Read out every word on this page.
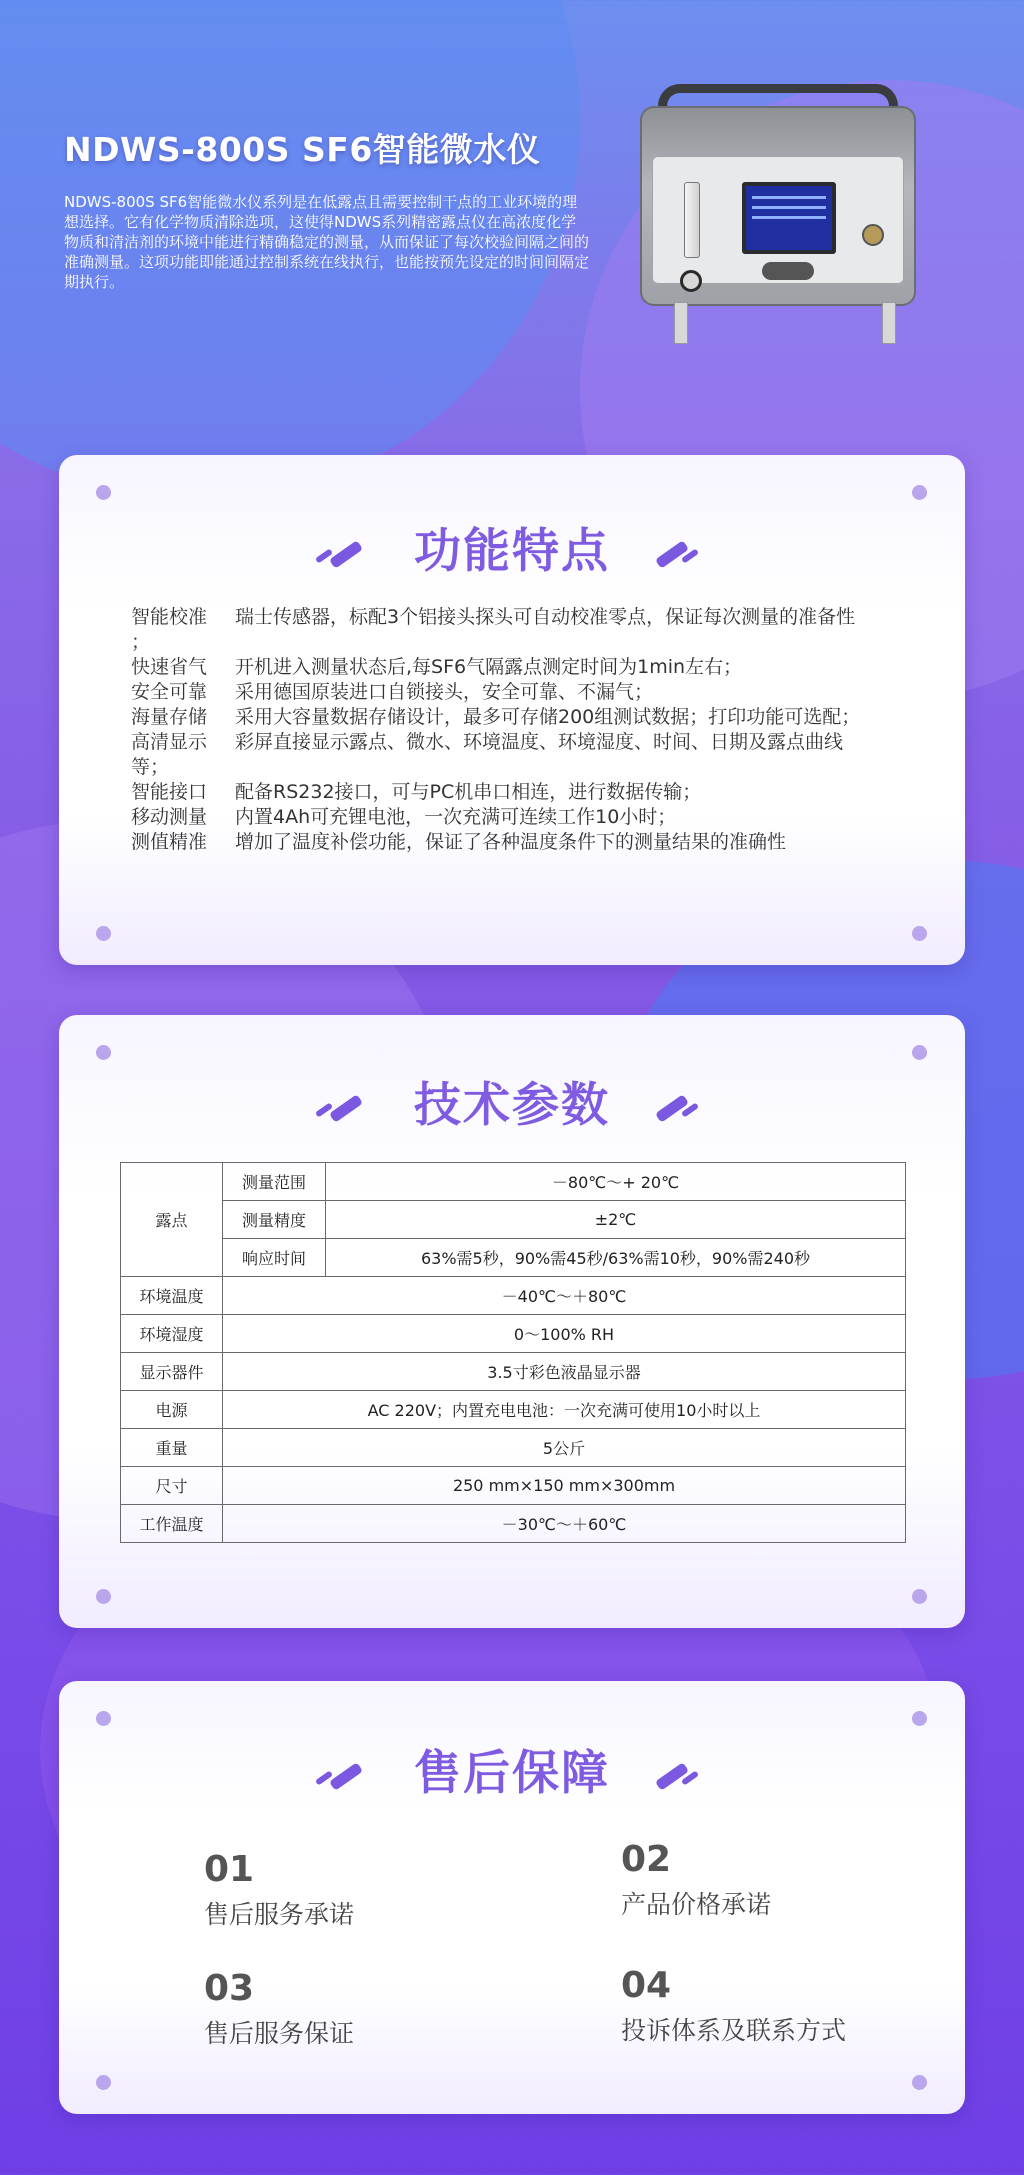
NDWS-800S SF6智能微水仪

NDWS-800S SF6智能微水仪系列是在低露点且需要控制干点的工业环境的理想选择。它有化学物质清除选项，这使得NDWS系列精密露点仪在高浓度化学物质和清洁剂的环境中能进行精确稳定的测量，从而保证了每次校验间隔之间的准确测量。这项功能即能通过控制系统在线执行，也能按预先设定的时间间隔定期执行。

功能特点
智能校准	瑞士传感器，标配3个铝接头探头可自动校准零点，保证每次测量的准备性
；
快速省气	开机进入测量状态后,每SF6气隔露点测定时间为1min左右；
安全可靠	采用德国原装进口自锁接头，安全可靠、不漏气；
海量存储	采用大容量数据存储设计，最多可存储200组测试数据；打印功能可选配；
高清显示	彩屏直接显示露点、微水、环境温度、环境湿度、时间、日期及露点曲线
等；
智能接口	配备RS232接口，可与PC机串口相连，进行数据传输；
移动测量	内置4Ah可充锂电池，一次充满可连续工作10小时；
测值精准	增加了温度补偿功能，保证了各种温度条件下的测量结果的准确性
技术参数
露点	测量范围	－80℃～+ 20℃
	测量精度	±2℃
	响应时间	63%需5秒，90%需45秒/63%需10秒，90%需240秒
环境温度	－40℃～＋80℃	
环境湿度	0～100% RH	
显示器件	3.5寸彩色液晶显示器	
电源	AC 220V；内置充电电池：一次充满可使用10小时以上	
重量	5公斤	
尺寸	250 mm×150 mm×300mm	
工作温度	－30℃～＋60℃	
售后保障
01
售后服务承诺
02
产品价格承诺
03
售后服务保证
04
投诉体系及联系方式
